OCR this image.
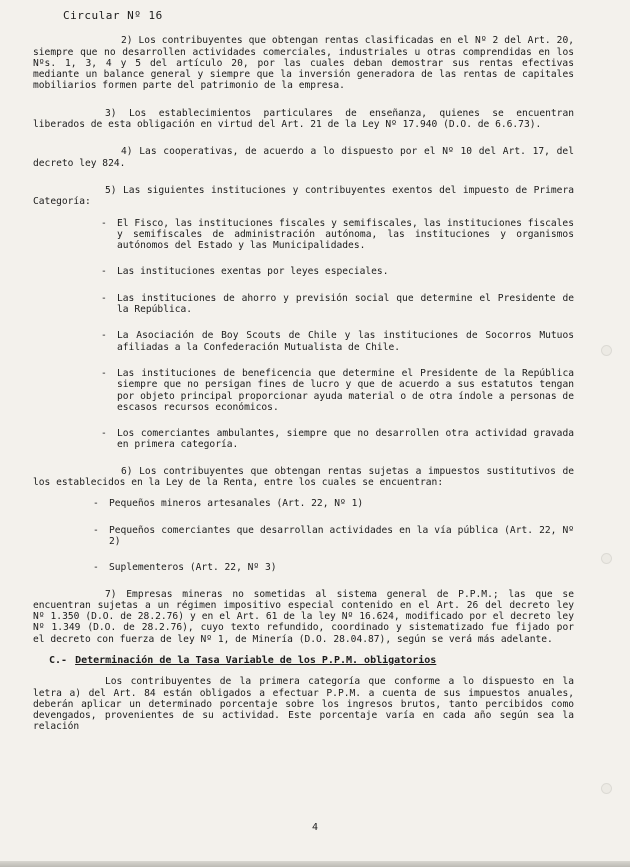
Circular Nº 16

2) Los contribuyentes que obtengan rentas clasificadas en el Nº 2 del Art. 20, siempre que no desarrollen actividades comerciales, industriales u otras comprendidas en los Nºs. 1, 3, 4 y 5 del artículo 20, por las cuales deban demostrar sus rentas efectivas mediante un balance general y siempre que la inversión generadora de las rentas de capitales mobiliarios formen parte del patrimonio de la empresa.

3) Los establecimientos particulares de enseñanza, quienes se encuentran liberados de esta obligación en virtud del Art. 21 de la Ley Nº 17.940 (D.O. de 6.6.73).

4) Las cooperativas, de acuerdo a lo dispuesto por el Nº 10 del Art. 17, del decreto ley 824.

5) Las siguientes instituciones y contribuyentes exentos del impuesto de Primera Categoría:

- El Fisco, las instituciones fiscales y semifiscales, las instituciones fiscales y semifiscales de administración autónoma, las instituciones y organismos autónomos del Estado y las Municipalidades.
- Las instituciones exentas por leyes especiales.
- Las instituciones de ahorro y previsión social que determine el Presidente de la República.
- La Asociación de Boy Scouts de Chile y las instituciones de Socorros Mutuos afiliadas a la Confederación Mutualista de Chile.
- Las instituciones de beneficencia que determine el Presidente de la República siempre que no persigan fines de lucro y que de acuerdo a sus estatutos tengan por objeto principal proporcionar ayuda material o de otra índole a personas de escasos recursos económicos.
- Los comerciantes ambulantes, siempre que no desarrollen otra actividad gravada en primera categoría.

6) Los contribuyentes que obtengan rentas sujetas a impuestos sustitutivos de los establecidos en la Ley de la Renta, entre los cuales se encuentran:

- Pequeños mineros artesanales (Art. 22, Nº 1)
- Pequeños comerciantes que desarrollan actividades en la vía pública (Art. 22, Nº 2)
- Suplementeros (Art. 22, Nº 3)

7) Empresas mineras no sometidas al sistema general de P.P.M.; las que se encuentran sujetas a un régimen impositivo especial contenido en el Art. 26 del decreto ley Nº 1.350 (D.O. de 28.2.76) y en el Art. 61 de la ley Nº 16.624, modificado por el decreto ley Nº 1.349 (D.O. de 28.2.76), cuyo texto refundido, coordinado y sistematizado fue fijado por el decreto con fuerza de ley Nº 1, de Minería (D.O. 28.04.87), según se verá más adelante.

C.- Determinación de la Tasa Variable de los P.P.M. obligatorios

Los contribuyentes de la primera categoría que conforme a lo dispuesto en la letra a) del Art. 84 están obligados a efectuar P.P.M. a cuenta de sus impuestos anuales, deberán aplicar un determinado porcentaje sobre los ingresos brutos, tanto percibidos como devengados, provenientes de su actividad. Este porcentaje varía en cada año según sea la relación

4
